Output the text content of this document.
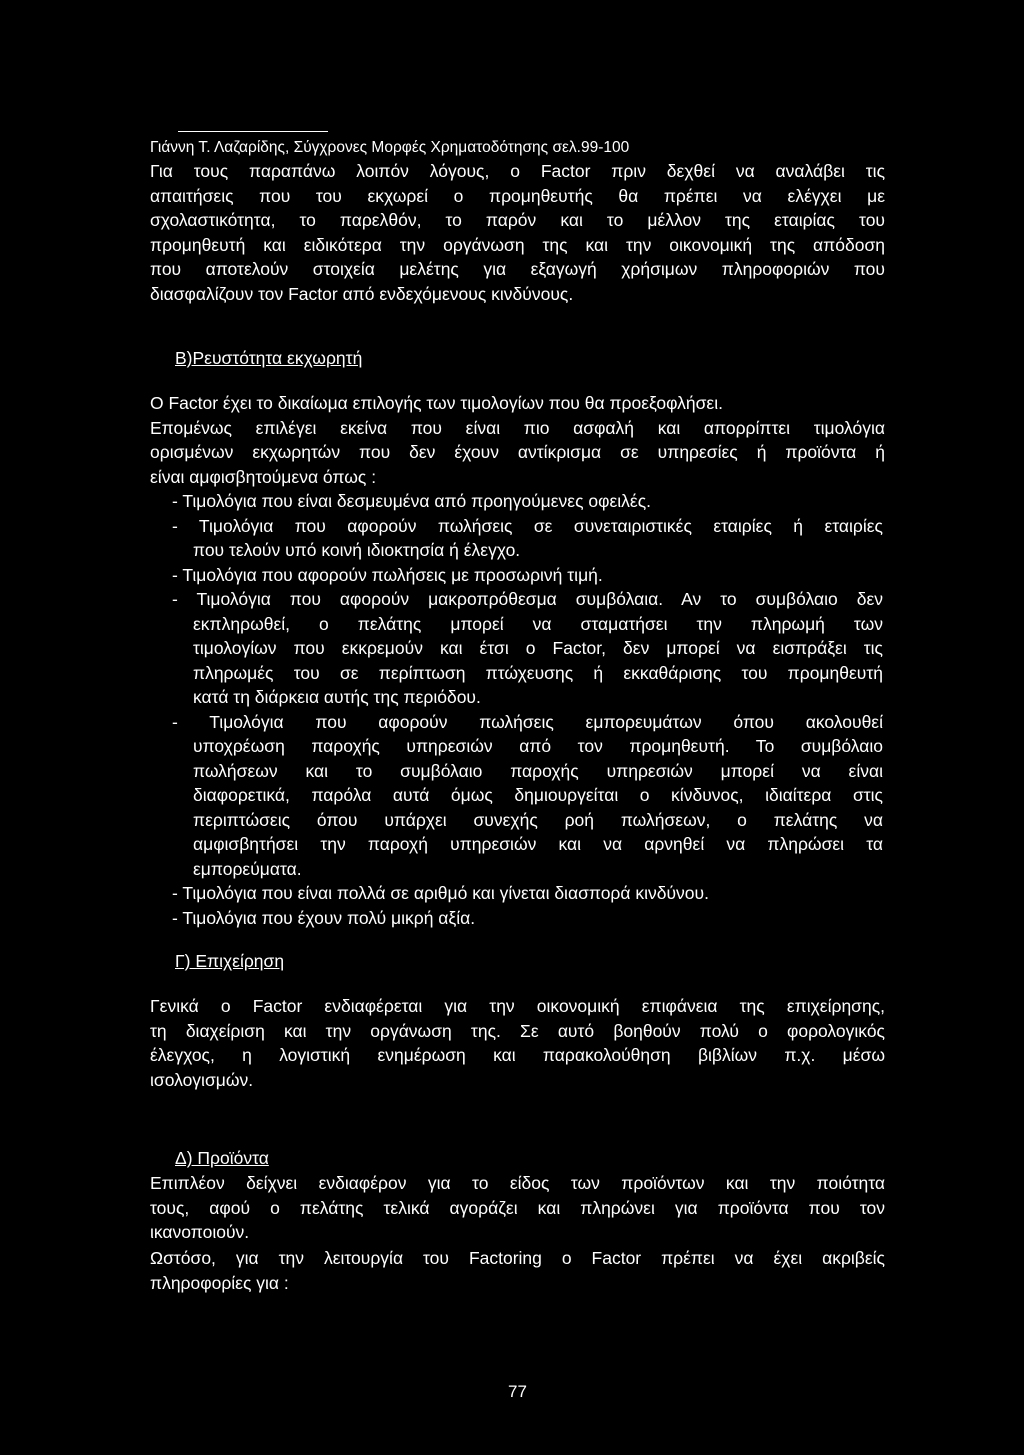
Γιάννη Τ. Λαζαρίδης, Σύγχρονες Μορφές Χρηματοδότησης σελ.99-100

Για τους παραπάνω λοιπόν λόγους, ο Factor πριν δεχθεί να αναλάβει τις

απαιτήσεις που του εκχωρεί ο προμηθευτής θα πρέπει να ελέγχει με

σχολαστικότητα, το παρελθόν, το παρόν και το μέλλον της εταιρίας του

προμηθευτή και ειδικότερα την οργάνωση της και την οικονομική της απόδοση

που αποτελούν στοιχεία μελέτης για εξαγωγή χρήσιμων πληροφοριών που

διασφαλίζουν τον Factor από ενδεχόμενους κινδύνους.

Β)Ρευστότητα εκχωρητή

Ο Factor έχει το δικαίωμα επιλογής των τιμολογίων που θα προεξοφλήσει.

Επομένως επιλέγει εκείνα που είναι πιο ασφαλή και απορρίπτει τιμολόγια

ορισμένων εκχωρητών που δεν έχουν αντίκρισμα σε υπηρεσίες ή προϊόντα ή

είναι αμφισβητούμενα όπως :

- Τιμολόγια που είναι δεσμευμένα από προηγούμενες οφειλές.

- Τιμολόγια που αφορούν πωλήσεις σε συνεταιριστικές εταιρίες ή εταιρίες

που τελούν υπό κοινή ιδιοκτησία ή έλεγχο.

- Τιμολόγια που αφορούν πωλήσεις με προσωρινή τιμή.

- Τιμολόγια που αφορούν μακροπρόθεσμα συμβόλαια. Αν το συμβόλαιο δεν

εκπληρωθεί, ο πελάτης μπορεί να σταματήσει την πληρωμή των

τιμολογίων που εκκρεμούν και έτσι ο Factor, δεν μπορεί να εισπράξει τις

πληρωμές του σε περίπτωση πτώχευσης ή εκκαθάρισης του προμηθευτή

κατά τη διάρκεια αυτής της περιόδου.

- Τιμολόγια που αφορούν πωλήσεις εμπορευμάτων όπου ακολουθεί

υποχρέωση παροχής υπηρεσιών από τον προμηθευτή. Το συμβόλαιο

πωλήσεων και το συμβόλαιο παροχής υπηρεσιών μπορεί να είναι

διαφορετικά, παρόλα αυτά όμως δημιουργείται ο κίνδυνος, ιδιαίτερα στις

περιπτώσεις όπου υπάρχει συνεχής ροή πωλήσεων, ο πελάτης να

αμφισβητήσει την παροχή υπηρεσιών και να αρνηθεί να πληρώσει τα

εμπορεύματα.

- Τιμολόγια που είναι πολλά σε αριθμό και γίνεται διασπορά κινδύνου.

- Τιμολόγια που έχουν πολύ μικρή αξία.

Γ) Επιχείρηση

Γενικά ο Factor ενδιαφέρεται για την οικονομική επιφάνεια της επιχείρησης,

τη διαχείριση και την οργάνωση της. Σε αυτό βοηθούν πολύ ο φορολογικός

έλεγχος, η λογιστική ενημέρωση και παρακολούθηση βιβλίων π.χ. μέσω

ισολογισμών.

Δ) Προϊόντα

Επιπλέον δείχνει ενδιαφέρον για το είδος των προϊόντων και την ποιότητα

τους, αφού ο πελάτης τελικά αγοράζει και πληρώνει για προϊόντα που τον

ικανοποιούν.

Ωστόσο, για την λειτουργία του Factoring ο Factor πρέπει να έχει ακριβείς

πληροφορίες για :

77
